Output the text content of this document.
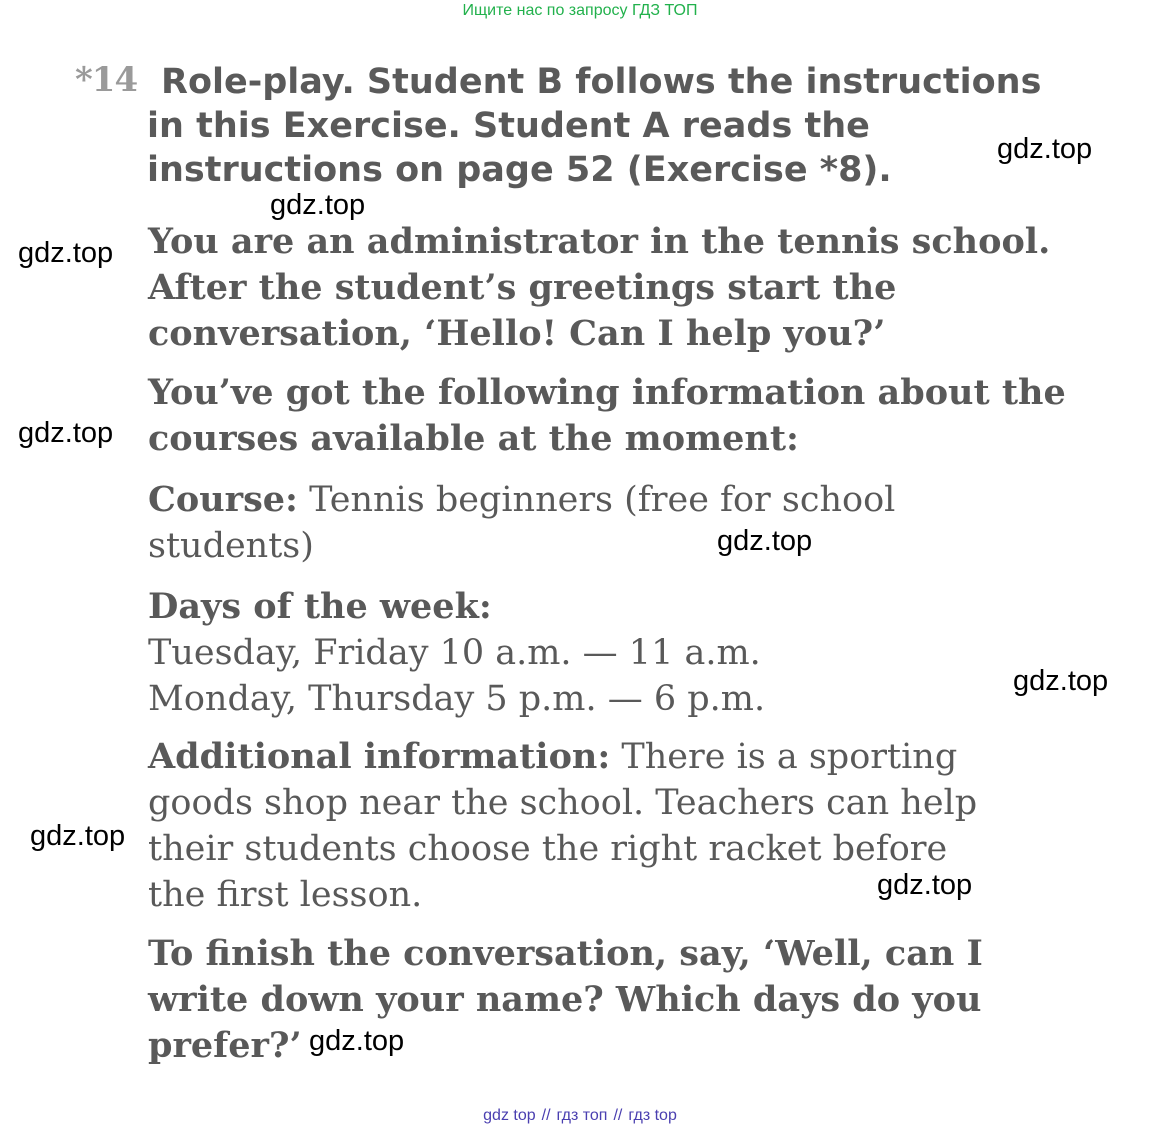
Ищите нас по запросу ГДЗ ТОП
*14 Role-play. Student B follows the instructions
in this Exercise. Student A reads the
instructions on page 52 (Exercise *8).
You are an administrator in the tennis school.
After the student’s greetings start the
conversation, ‘Hello! Can I help you?’
You’ve got the following information about the
courses available at the moment:
Course: Tennis beginners (free for school
students)
Days of the week:
Tuesday, Friday 10 a.m. — 11 a.m.
Monday, Thursday 5 p.m. — 6 p.m.
Additional information: There is a sporting
goods shop near the school. Teachers can help
their students choose the right racket before
the first lesson.
To finish the conversation, say, ‘Well, can I
write down your name? Which days do you
prefer?’
gdz.top
gdz.top
gdz.top
gdz.top
gdz.top
gdz.top
gdz.top
gdz.top
gdz.top
gdz top // гдз топ // гдз top
